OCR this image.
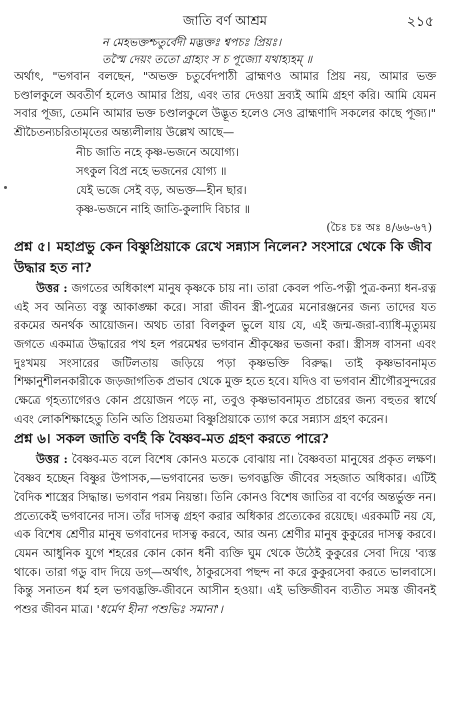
জাতি বর্ণ আশ্রম	২১৫
ন মেহভক্তশ্চতুর্বেদী মদ্ভক্তঃ শ্বপচঃ প্রিয়ঃ।
তস্মৈ দেয়ং ততো গ্রাহ্যং স চ পূজ্যো যথাহ্যহম্ ॥

অর্থাৎ, "ভগবান বলছেন, "অভক্ত চতুর্বেদপাঠী ব্রাহ্মণও আমার প্রিয় নয়, আমার ভক্ত চণ্ডালকুলে অবতীর্ণ হলেও আমার প্রিয়, এবং তার দেওয়া দ্রব্যই আমি গ্রহণ করি। আমি যেমন সবার পূজ্য, তেমনি আমার ভক্ত চণ্ডালকুলে উদ্ভূত হলেও সেও ব্রাহ্মণাদি সকলের কাছে পূজ্য।" শ্রীচৈতন্যচরিতামৃতের অন্ত্যলীলায় উল্লেখ আছে—

নীচ জাতি নহে কৃষ্ণ-ভজনে অযোগ্য।
সৎকুল বিপ্র নহে ভজনের যোগ্য ॥
যেই ভজে সেই বড়, অভক্ত—হীন ছার।
কৃষ্ণ-ভজনে নাহি জাতি-কুলাদি বিচার ॥
(চৈঃ চঃ অঃ ৪/৬৬-৬৭)

প্রশ্ন ৫। মহাপ্রভু কেন বিষ্ণুপ্রিয়াকে রেখে সন্ন্যাস নিলেন? সংসারে থেকে কি জীব উদ্ধার হত না?

উত্তর : জগতের অধিকাংশ মানুষ কৃষ্ণকে চায় না। তারা কেবল পতি-পত্নী পুত্র-কন্যা ধন-রত্ন এই সব অনিত্য বস্তু আকাঙ্ক্ষা করে। সারা জীবন স্ত্রী-পুত্রের মনোরঞ্জনের জন্য তাদের যত রকমের অনর্থক আয়োজন। অথচ তারা বিলকুল ভুলে যায় যে, এই জন্ম-জরা-ব্যাধি-মৃত্যুময় জগতে একমাত্র উদ্ধারের পথ হল পরমেশ্বর ভগবান শ্রীকৃষ্ণের ভজনা করা। স্ত্রীসঙ্গ বাসনা এবং দুঃখময় সংসারের জটিলতায় জড়িয়ে পড়া কৃষ্ণভক্তি বিরুদ্ধ। তাই কৃষ্ণভাবনামৃত শিক্ষানুশীলনকারীকে জড়জাগতিক প্রভাব থেকে মুক্ত হতে হবে। যদিও বা ভগবান শ্রীগৌরসুন্দরের ক্ষেত্রে গৃহত্যাগেরও কোন প্রয়োজন পড়ে না, তবুও কৃষ্ণভাবনামৃত প্রচারের জন্য বহুতর স্বার্থে এবং লোকশিক্ষাহেতু তিনি অতি প্রিয়তমা বিষ্ণুপ্রিয়াকে ত্যাগ করে সন্ন্যাস গ্রহণ করেন।

প্রশ্ন ৬। সকল জাতি বর্ণই কি বৈষ্ণব-মত গ্রহণ করতে পারে?

উত্তর : বৈষ্ণব-মত বলে বিশেষ কোনও মতকে বোঝায় না। বৈষ্ণবতা মানুষের প্রকৃত লক্ষণ। বৈষ্ণব হচ্ছেন বিষ্ণুর উপাসক,—ভগবানের ভক্ত। ভগবদ্ভক্তি জীবের সহজাত অধিকার। এটিই বৈদিক শাস্ত্রের সিদ্ধান্ত। ভগবান পরম নিয়ন্তা। তিনি কোনও বিশেষ জাতির বা বর্ণের অন্তর্ভুক্ত নন। প্রত্যেকেই ভগবানের দাস। তাঁর দাসত্ব গ্রহণ করার অধিকার প্রত্যেকের রয়েছে। এরকমটি নয় যে, এক বিশেষ শ্রেণীর মানুষ ভগবানের দাসত্ব করবে, আর অন্য শ্রেণীর মানুষ কুকুরের দাসত্ব করবে। যেমন আধুনিক যুগে শহরের কোন কোন ধনী ব্যক্তি ঘুম থেকে উঠেই কুকুরের সেবা দিয়ে 'ব্যস্ত থাকে। তারা গডু বাদ দিয়ে ডগ্—অর্থাৎ, ঠাকুরসেবা পছন্দ না করে কুকুরসেবা করতে ভালবাসে। কিন্তু সনাতন ধর্ম হল ভগবদ্ভক্তি-জীবনে আসীন হওয়া। এই ভক্তিজীবন ব্যতীত সমস্ত জীবনই পশুর জীবন মাত্র। 'ধর্মেণ হীনা পশুভিঃ সমানা'।
